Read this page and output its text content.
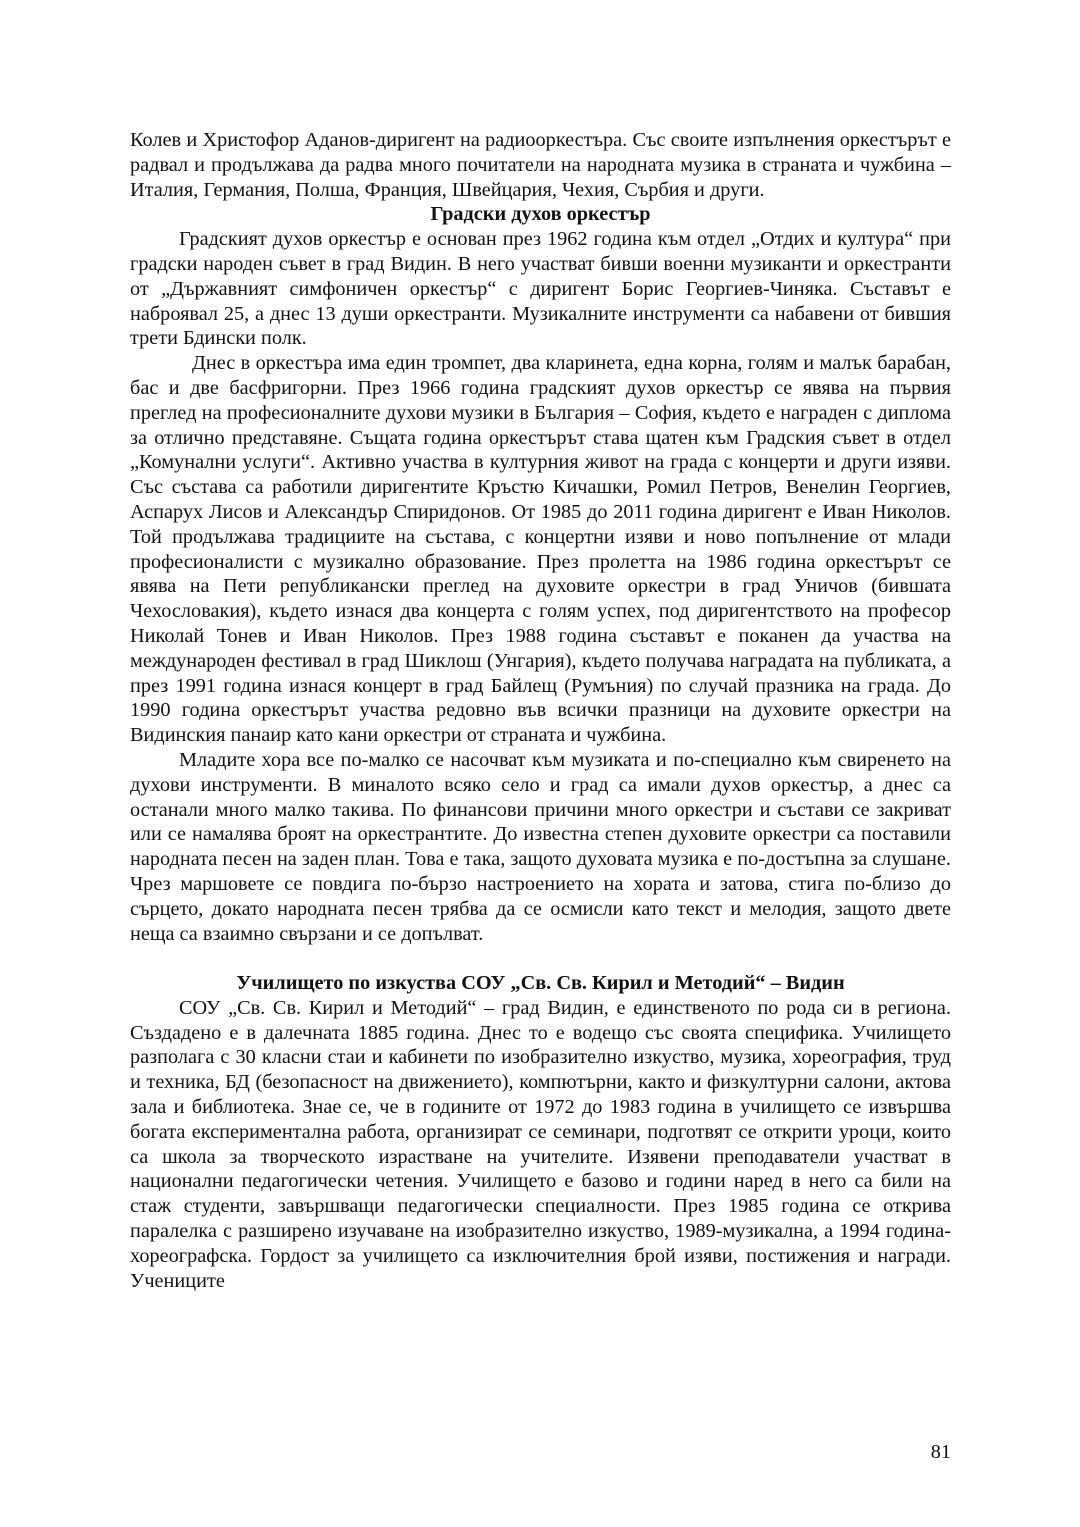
Колев и Христофор Аданов-диригент на радиооркестъра. Със своите изпълнения оркестърът е радвал и продължава да радва много почитатели на народната музика в страната и чужбина – Италия, Германия, Полша, Франция, Швейцария, Чехия, Сърбия и други.

Градски духов оркестър

Градският духов оркестър е основан през 1962 година към отдел „Отдих и култура“ при градски народен съвет в град Видин. В него участват бивши военни музиканти и оркестранти от „Държавният симфоничен оркестър“ с диригент Борис Георгиев-Чиняка. Съставът е наброявал 25, а днес 13 души оркестранти. Музикалните инструменти са набавени от бившия трети Бдински полк.

Днес в оркестъра има един тромпет, два кларинета, една корна, голям и малък барабан, бас и две басфригорни. През 1966 година градският духов оркестър се явява на първия преглед на професионалните духови музики в България – София, където е награден с диплома за отлично представяне. Същата година оркестърът става щатен към Градския съвет в отдел „Комунални услуги“. Активно участва в културния живот на града с концерти и други изяви. Със състава са работили диригентите Кръстю Кичашки, Ромил Петров, Венелин Георгиев, Аспарух Лисов и Александър Спиридонов. От 1985 до 2011 година диригент е Иван Николов. Той продължава традициите на състава, с концертни изяви и ново попълнение от млади професионалисти с музикално образование. През пролетта на 1986 година оркестърът се явява на Пети републикански преглед на духовите оркестри в град Уничов (бившата Чехословакия), където изнася два концерта с голям успех, под диригентството на професор Николай Тонев и Иван Николов. През 1988 година съставът е поканен да участва на международен фестивал в град Шиклош (Унгария), където получава наградата на публиката, а през 1991 година изнася концерт в град Байлещ (Румъния) по случай празника на града. До 1990 година оркестърът участва редовно във всички празници на духовите оркестри на Видинския панаир като кани оркестри от страната и чужбина.

Младите хора все по-малко се насочват към музиката и по-специално към свиренето на духови инструменти. В миналото всяко село и град са имали духов оркестър, а днес са останали много малко такива. По финансови причини много оркестри и състави се закриват или се намалява броят на оркестрантите. До известна степен духовите оркестри са поставили народната песен на заден план. Това е така, защото духовата музика е по-достъпна за слушане. Чрез маршовете се повдига по-бързо настроението на хората и затова, стига по-близо до сърцето, докато народната песен трябва да се осмисли като текст и мелодия, защото двете неща са взаимно свързани и се допълват.

Училището по изкуства СОУ „Св. Св. Кирил и Методий“ – Видин

СОУ „Св. Св. Кирил и Методий“ – град Видин, е единственото по рода си в региона. Създадено е в далечната 1885 година. Днес то е водещо със своята специфика. Училището разполага с 30 класни стаи и кабинети по изобразително изкуство, музика, хореография, труд и техника, БД (безопасност на движението), компютърни, както и физкултурни салони, актова зала и библиотека. Знае се, че в годините от 1972 до 1983 година в училището се извършва богата експериментална работа, организират се семинари, подготвят се открити уроци, които са школа за творческото израстване на учителите. Изявени преподаватели участват в национални педагогически четения. Училището е базово и години наред в него са били на стаж студенти, завършващи педагогически специалности. През 1985 година се открива паралелка с разширено изучаване на изобразително изкуство, 1989-музикална, а 1994 година-хореографска. Гордост за училището са изключителния брой изяви, постижения и награди. Учениците

81
